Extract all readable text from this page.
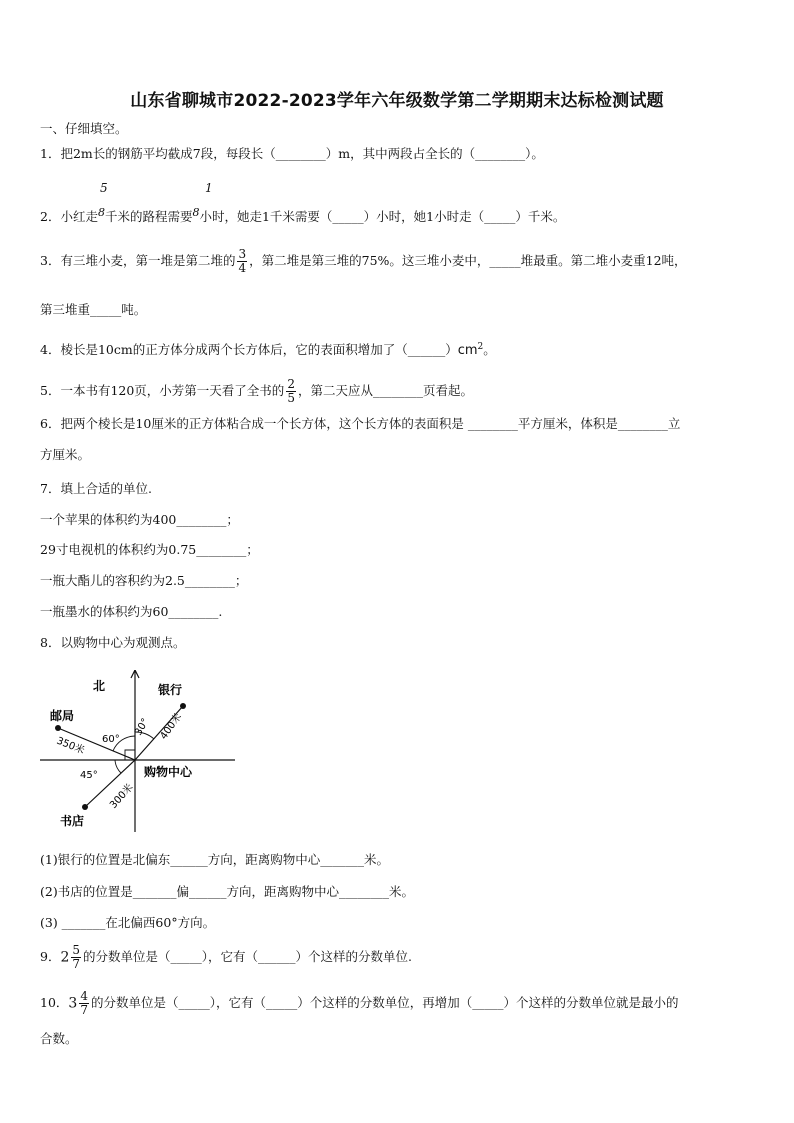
山东省聊城市2022-2023学年六年级数学第二学期期末达标检测试题
一、仔细填空。
1．把2m长的钢筋平均截成7段，每段长（________）m，其中两段占全长的（________）。
5	1
2．小红走$^8$千米的路程需要$^8$小时，她走1千米需要（_____）小时，她1小时走（_____）千米。
3．有三堆小麦，第一堆是第二堆的 $\frac{3}{4}$ ，第二堆是第三堆的75%。这三堆小麦中，_____堆最重。第二堆小麦重12吨，
第三堆重_____吨。
4．棱长是10cm的正方体分成两个长方体后，它的表面积增加了$(\_\_\_\_\_\_)cm^2$。
5．一本书有120页，小芳第一天看了全书的 $\frac{2}{5}$ ，第二天应从________页看起。
6．把两个棱长是10厘米的正方体粘合成一个长方体，这个长方体的表面积是 ________平方厘米，体积是________立
方厘米。
7．填上合适的单位.
一个苹果的体积约为400________；
29寸电视机的体积约为0.75________；
一瓶大酯儿的容积约为2.5________；
一瓶墨水的体积约为60________.
8．以购物中心为观测点。
北	银行
邮局
购物中心
书店
400米
350米
300米
30°
60°
45°
(1)银行的位置是北偏东______方向，距离购物中心_______米。
(2)书店的位置是_______偏______方向，距离购物中心________米。
(3) _______在北偏西60°方向。
9．$2 \frac{5}{7}$ 的分数单位是（_____），它有（______）个这样的分数单位.
10．$3 \frac{4}{7}$ 的分数单位是（_____），它有（_____）个这样的分数单位，再增加（_____）个这样的分数单位就是最小的
合数。
